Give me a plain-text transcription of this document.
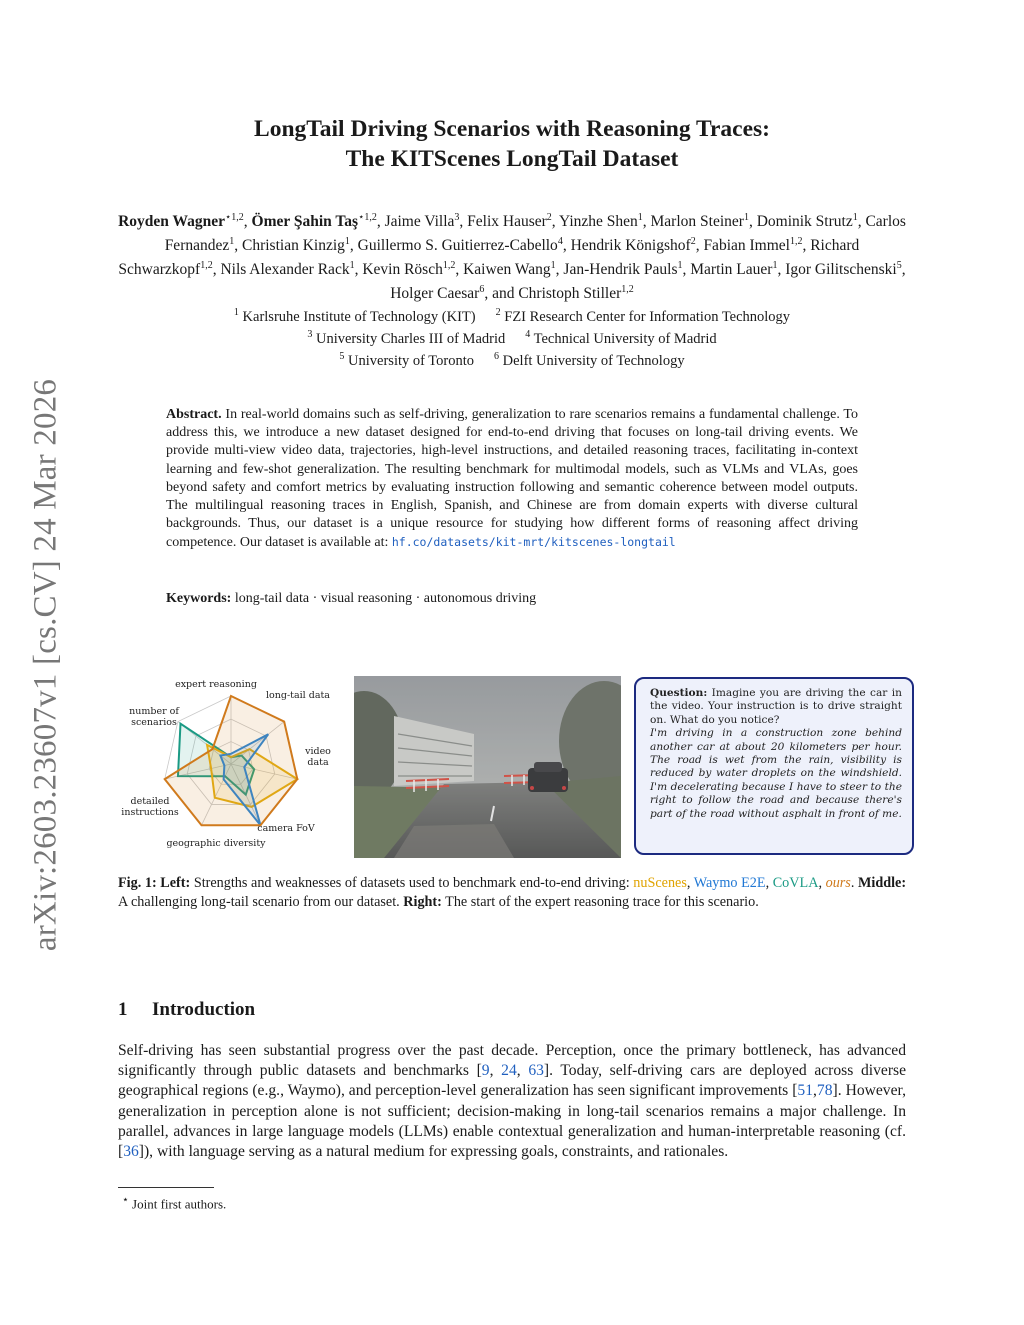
arXiv:2603.23607v1 [cs.CV] 24 Mar 2026
LongTail Driving Scenarios with Reasoning Traces:
The KITScenes LongTail Dataset
Royden Wagner$^{⋆1,2}$, Ömer Şahin Taş$^{⋆1,2}$, Jaime Villa$^3$, Felix Hauser$^2$, Yinzhe Shen$^1$, Marlon Steiner$^1$, Dominik Strutz$^1$, Carlos Fernandez$^1$, Christian Kinzig$^1$, Guillermo S. Guitierrez-Cabello$^4$, Hendrik Königshof$^2$, Fabian Immel$^{1,2}$, Richard Schwarzkopf$^{1,2}$, Nils Alexander Rack$^1$, Kevin Rösch$^{1,2}$, Kaiwen Wang$^1$, Jan-Hendrik Pauls$^1$, Martin Lauer$^1$, Igor Gilitschenski$^5$, Holger Caesar$^6$, and Christoph Stiller$^{1,2}$
$^1$ Karlsruhe Institute of Technology (KIT) $^2$ FZI Research Center for Information Technology
$^3$ University Charles III of Madrid $^4$ Technical University of Madrid
$^5$ University of Toronto $^6$ Delft University of Technology
Abstract. In real-world domains such as self-driving, generalization to rare scenarios remains a fundamental challenge. To address this, we introduce a new dataset designed for end-to-end driving that focuses on long-tail driving events. We provide multi-view video data, trajectories, high-level instructions, and detailed reasoning traces, facilitating in-context learning and few-shot generalization. The resulting benchmark for multimodal models, such as VLMs and VLAs, goes beyond safety and comfort metrics by evaluating instruction following and semantic coherence between model outputs. The multilingual reasoning traces in English, Spanish, and Chinese are from domain experts with diverse cultural backgrounds. Thus, our dataset is a unique resource for studying how different forms of reasoning affect driving competence. Our dataset is available at: hf.co/datasets/kit-mrt/kitscenes-longtail
Keywords: long-tail data · visual reasoning · autonomous driving
expert reasoning
long-tail data
video data
camera FoV
geographic diversity
detailed instructions
number of scenarios
Question: Imagine you are driving the car in the video. Your instruction is to drive straight on. What do you notice?
I'm driving in a construction zone behind another car at about 20 kilometers per hour. The road is wet from the rain, visibility is reduced by water droplets on the windshield. I'm decelerating because I have to steer to the right to follow the road and because there's part of the road without asphalt in front of me.
Fig. 1: Left: Strengths and weaknesses of datasets used to benchmark end-to-end driving: nuScenes, Waymo E2E, CoVLA, ours. Middle: A challenging long-tail scenario from our dataset. Right: The start of the expert reasoning trace for this scenario.
1 Introduction
Self-driving has seen substantial progress over the past decade. Perception, once the primary bottleneck, has advanced significantly through public datasets and benchmarks [9, 24, 63]. Today, self-driving cars are deployed across diverse geographical regions (e.g., Waymo), and perception-level generalization has seen significant improvements [51,78]. However, generalization in perception alone is not sufficient; decision-making in long-tail scenarios remains a major challenge. In parallel, advances in large language models (LLMs) enable contextual generalization and human-interpretable reasoning (cf. [36]), with language serving as a natural medium for expressing goals, constraints, and rationales.
⋆ Joint first authors.
